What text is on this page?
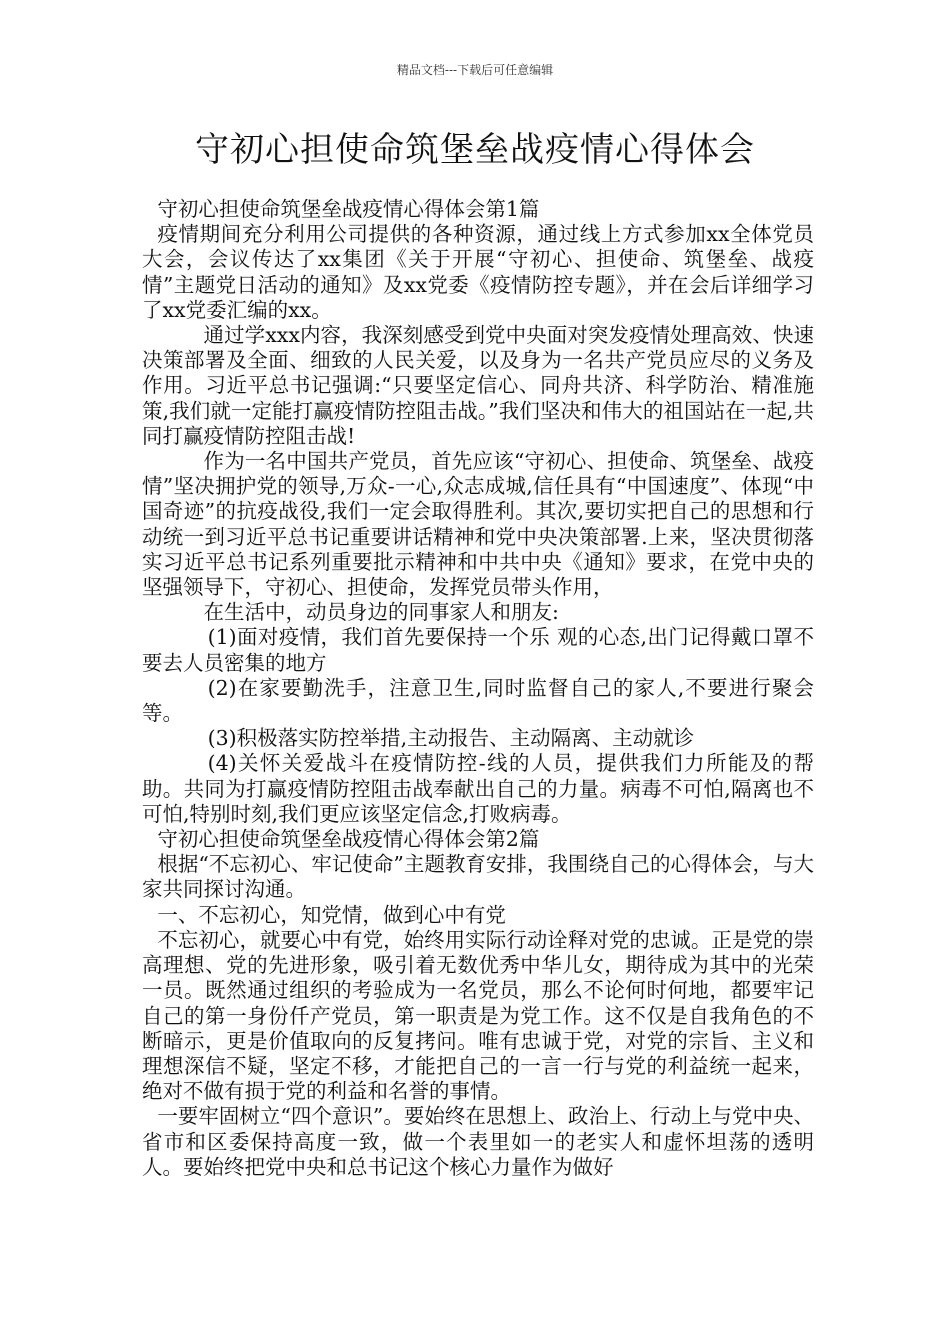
精品文档---下载后可任意编辑
守初心担使命筑堡垒战疫情心得体会

守初心担使命筑堡垒战疫情心得体会第1篇

疫情期间充分利用公司提供的各种资源，通过线上方式参加xx全体党员大会，会议传达了xx集团《关于开展“守初心、担使命、筑堡垒、战疫情”主题党日活动的通知》及xx党委《疫情防控专题》，并在会后详细学习了xx党委汇编的xx。

通过学xxx内容，我深刻感受到党中央面对突发疫情处理高效、快速决策部署及全面、细致的人民关爱，以及身为一名共产党员应尽的义务及作用。习近平总书记强调:“只要坚定信心、同舟共济、科学防治、精准施策,我们就一定能打赢疫情防控阻击战。”我们坚决和伟大的祖国站在一起,共同打赢疫情防控阻击战!

作为一名中国共产党员，首先应该“守初心、担使命、筑堡垒、战疫情”坚决拥护党的领导,万众-一心,众志成城,信任具有“中国速度”、体现“中国奇迹”的抗疫战役,我们一定会取得胜利。其次,要切实把自己的思想和行动统一到习近平总书记重要讲话精神和党中央决策部署.上来，坚决贯彻落实习近平总书记系列重要批示精神和中共中央《通知》要求，在党中央的坚强领导下，守初心、担使命，发挥党员带头作用，

在生活中，动员身边的同事家人和朋友:

(1)面对疫情，我们首先要保持一个乐 观的心态,出门记得戴口罩不要去人员密集的地方

(2)在家要勤洗手，注意卫生,同时监督自己的家人,不要进行聚会等。

(3)积极落实防控举措,主动报告、主动隔离、主动就诊

(4)关怀关爱战斗在疫情防控-线的人员，提供我们力所能及的帮助。共同为打赢疫情防控阻击战奉献出自己的力量。病毒不可怕,隔离也不可怕,特别时刻,我们更应该坚定信念,打败病毒。

守初心担使命筑堡垒战疫情心得体会第2篇

根据“不忘初心、牢记使命”主题教育安排，我围绕自己的心得体会，与大家共同探讨沟通。

一、不忘初心，知党情，做到心中有党

不忘初心，就要心中有党，始终用实际行动诠释对党的忠诚。正是党的崇高理想、党的先进形象，吸引着无数优秀中华儿女，期待成为其中的光荣一员。既然通过组织的考验成为一名党员，那么不论何时何地，都要牢记自己的第一身份仟产党员，第一职责是为党工作。这不仅是自我角色的不断暗示，更是价值取向的反复拷问。唯有忠诚于党，对党的宗旨、主义和理想深信不疑，坚定不移，才能把自己的一言一行与党的利益统一起来，绝对不做有损于党的利益和名誉的事情。

一要牢固树立“四个意识”。要始终在思想上、政治上、行动上与党中央、省市和区委保持高度一致，做一个表里如一的老实人和虚怀坦荡的透明人。要始终把党中央和总书记这个核心力量作为做好
